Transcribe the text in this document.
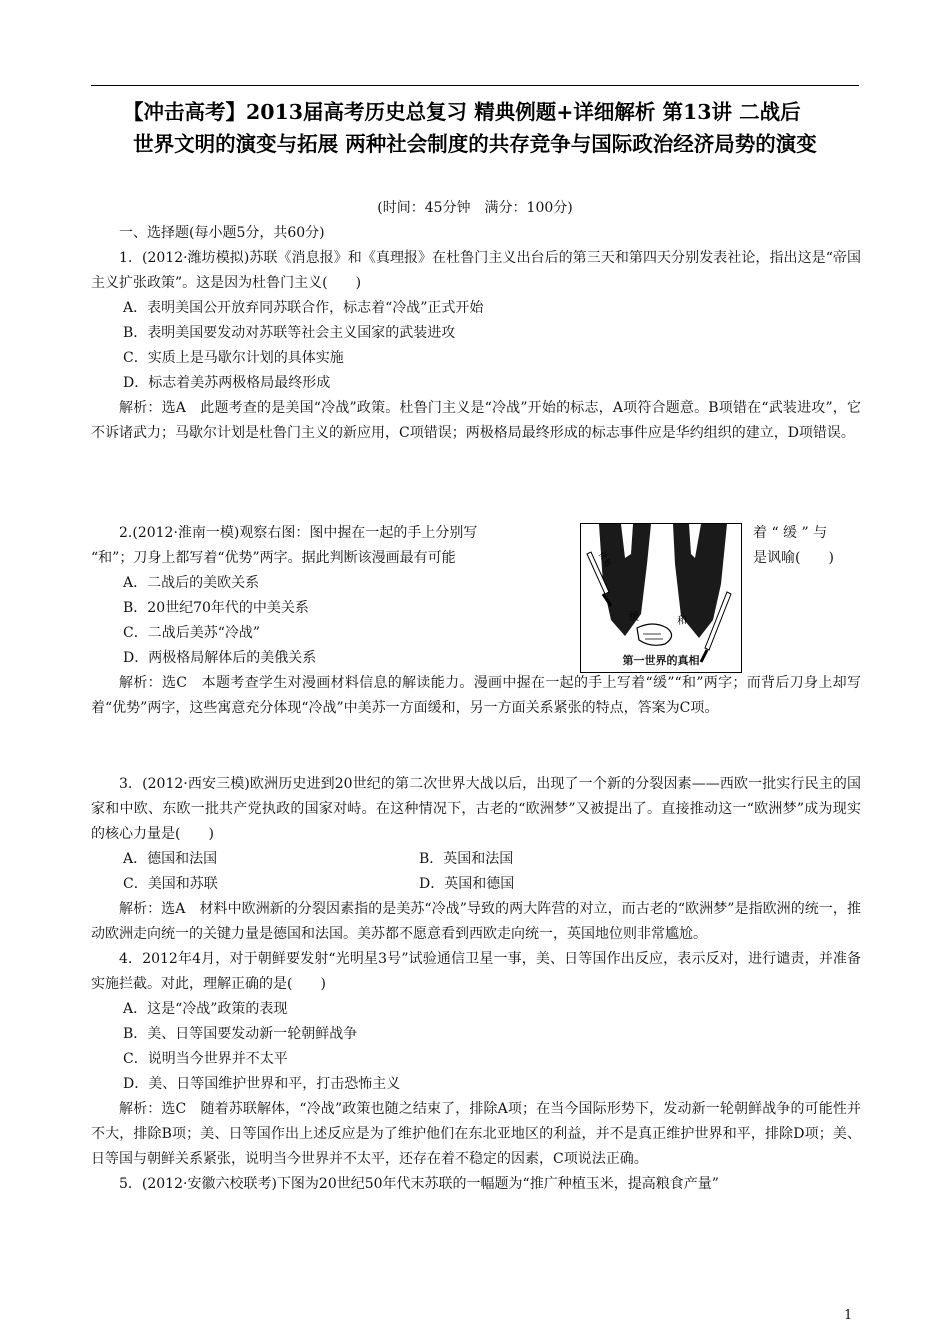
【冲击高考】2013届高考历史总复习 精典例题+详细解析 第13讲 二战后
世界文明的演变与拓展 两种社会制度的共存竞争与国际政治经济局势的演变
(时间：45分钟　满分：100分)

一、选择题(每小题5分，共60分)

1．(2012·潍坊模拟)苏联《消息报》和《真理报》在杜鲁门主义出台后的第三天和第四天分别发表社论，指出这是“帝国主义扩张政策”。这是因为杜鲁门主义(　　)

A．表明美国公开放弃同苏联合作，标志着“冷战”正式开始

B．表明美国要发动对苏联等社会主义国家的武装进攻

C．实质上是马歇尔计划的具体实施

D．标志着美苏两极格局最终形成

解析：选A　此题考查的是美国“冷战”政策。杜鲁门主义是“冷战”开始的标志，A项符合题意。B项错在“武装进攻”，它不诉诸武力；马歇尔计划是杜鲁门主义的新应用，C项错误；两极格局最终形成的标志事件应是华约组织的建立，D项错误。

2.(2012·淮南一模)观察右图：图中握在一起的手上分别写

“和”；刀身上都写着“优势”两字。据此判断该漫画最有可能

A．二战后的美欧关系

B．20世纪70年代的中美关系

C．二战后美苏“冷战”

D．两极格局解体后的美俄关系

着 “ 缓 ” 与

是讽喻(　　)

解析：选C　本题考查学生对漫画材料信息的解读能力。漫画中握在一起的手上写着“缓”“和”两字；而背后刀身上却写着“优势”两字，这些寓意充分体现“冷战”中美苏一方面缓和，另一方面关系紧张的特点，答案为C项。

缓	和
优势
第一世界的真相

3．(2012·西安三模)欧洲历史进到20世纪的第二次世界大战以后，出现了一个新的分裂因素——西欧一批实行民主的国家和中欧、东欧一批共产党执政的国家对峙。在这种情况下，古老的“欧洲梦”又被提出了。直接推动这一“欧洲梦”成为现实的核心力量是(　　)

A．德国和法国	B．英国和法国
C．美国和苏联	D．英国和德国

解析：选A　材料中欧洲新的分裂因素指的是美苏“冷战”导致的两大阵营的对立，而古老的“欧洲梦”是指欧洲的统一，推动欧洲走向统一的关键力量是德国和法国。美苏都不愿意看到西欧走向统一，英国地位则非常尴尬。

4．2012年4月，对于朝鲜要发射“光明星3号”试验通信卫星一事，美、日等国作出反应，表示反对，进行谴责，并准备实施拦截。对此，理解正确的是(　　)

A．这是“冷战”政策的表现

B．美、日等国要发动新一轮朝鲜战争

C．说明当今世界并不太平

D．美、日等国维护世界和平，打击恐怖主义

解析：选C　随着苏联解体，“冷战”政策也随之结束了，排除A项；在当今国际形势下，发动新一轮朝鲜战争的可能性并不大，排除B项；美、日等国作出上述反应是为了维护他们在东北亚地区的利益，并不是真正维护世界和平，排除D项；美、日等国与朝鲜关系紧张，说明当今世界并不太平，还存在着不稳定的因素，C项说法正确。

5．(2012·安徽六校联考)下图为20世纪50年代末苏联的一幅题为“推广种植玉米，提高粮食产量”

1
